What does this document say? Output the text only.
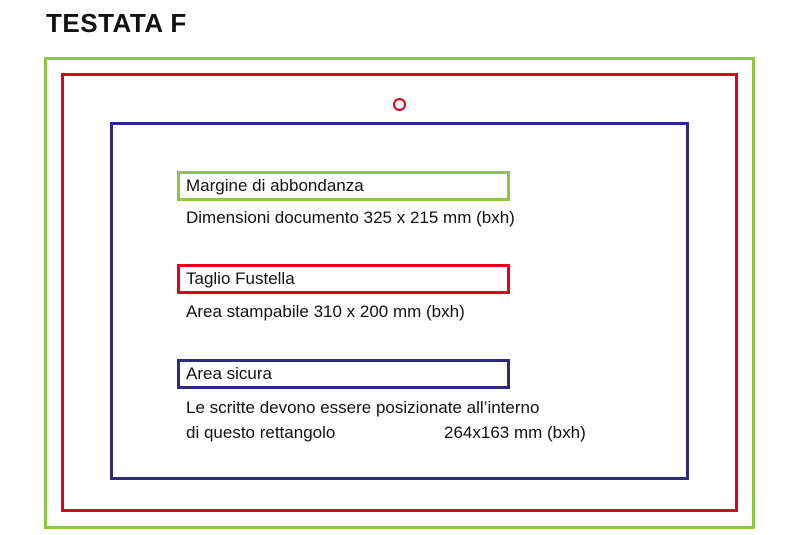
TESTATA F
Margine di abbondanza
Dimensioni documento 325 x 215 mm (bxh)
Taglio Fustella
Area stampabile 310 x 200 mm (bxh)
Area sicura
Le scritte devono essere posizionate all’interno
di questo rettangolo	264x163 mm (bxh)
